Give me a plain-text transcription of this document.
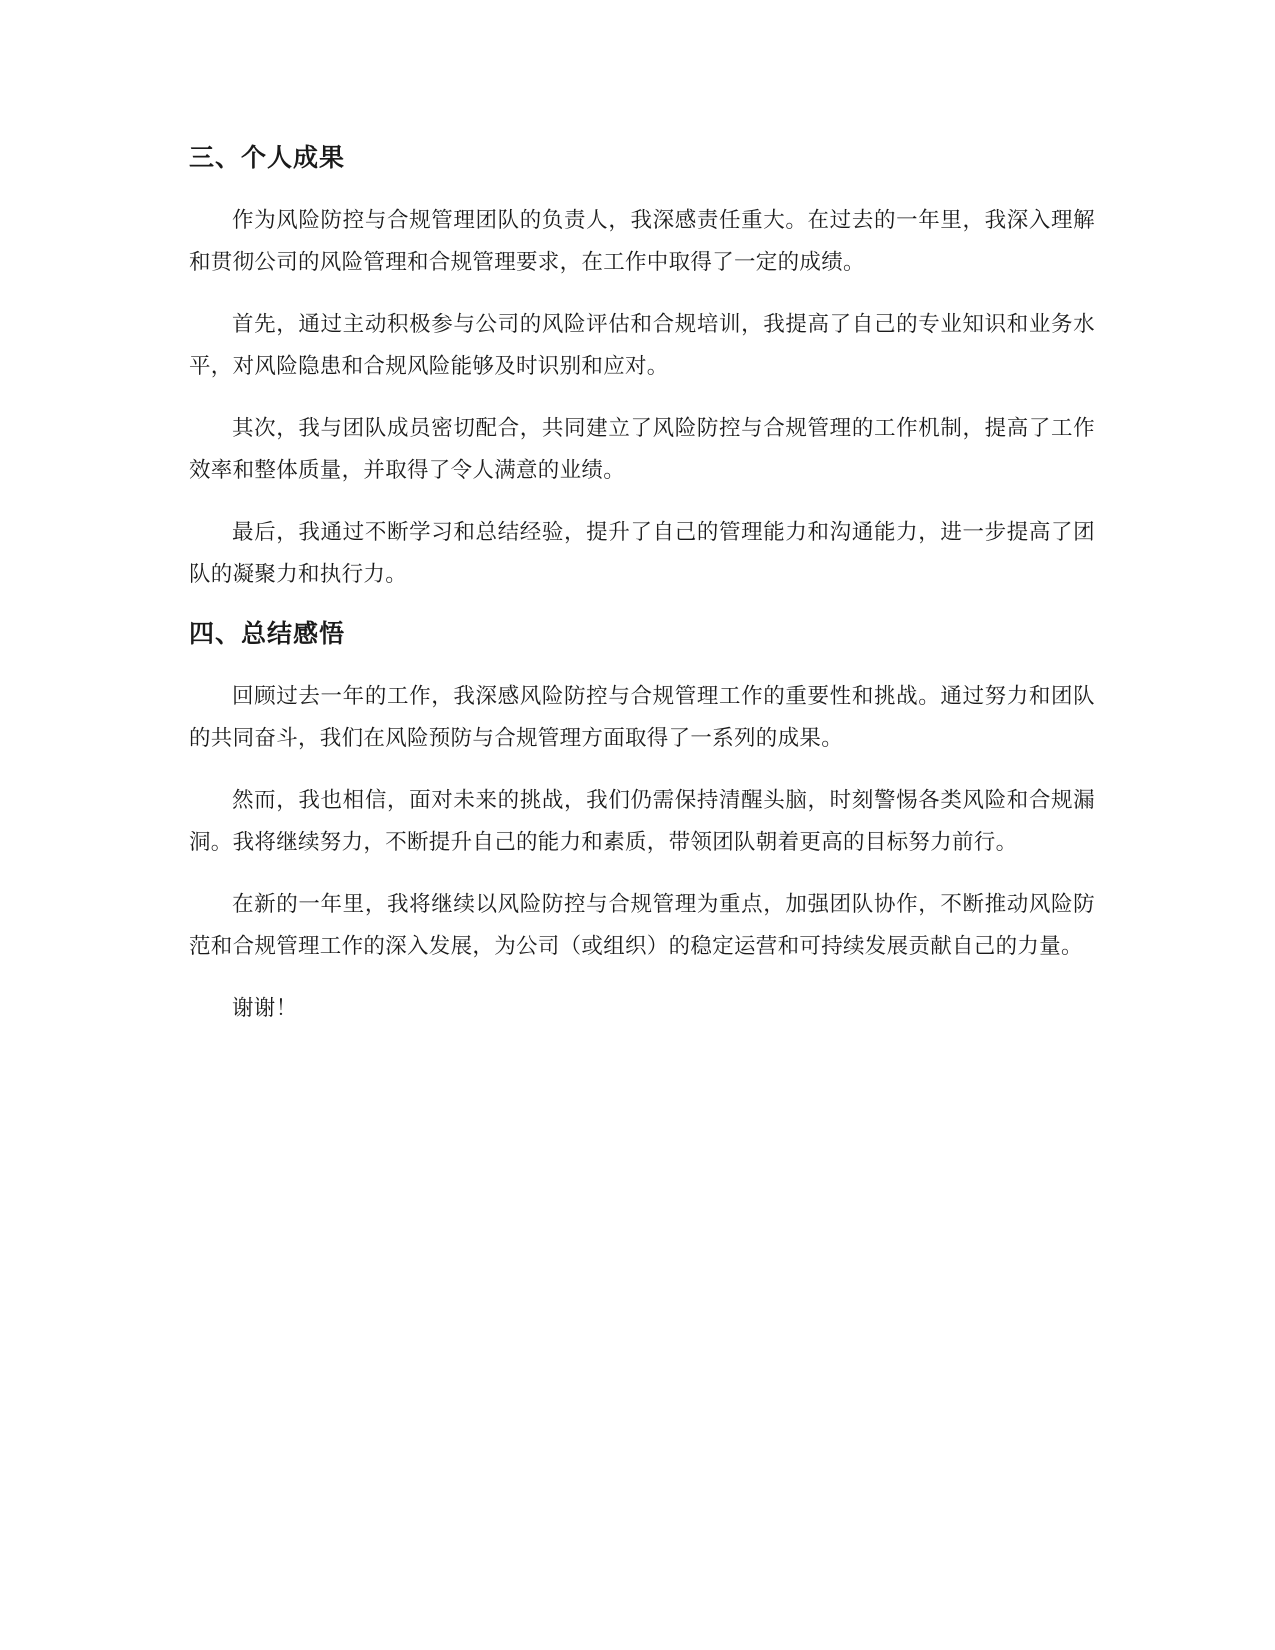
三、个人成果

作为风险防控与合规管理团队的负责人，我深感责任重大。在过去的一年里，我深入理解和贯彻公司的风险管理和合规管理要求，在工作中取得了一定的成绩。

首先，通过主动积极参与公司的风险评估和合规培训，我提高了自己的专业知识和业务水平，对风险隐患和合规风险能够及时识别和应对。

其次，我与团队成员密切配合，共同建立了风险防控与合规管理的工作机制，提高了工作效率和整体质量，并取得了令人满意的业绩。

最后，我通过不断学习和总结经验，提升了自己的管理能力和沟通能力，进一步提高了团队的凝聚力和执行力。

四、总结感悟

回顾过去一年的工作，我深感风险防控与合规管理工作的重要性和挑战。通过努力和团队的共同奋斗，我们在风险预防与合规管理方面取得了一系列的成果。

然而，我也相信，面对未来的挑战，我们仍需保持清醒头脑，时刻警惕各类风险和合规漏洞。我将继续努力，不断提升自己的能力和素质，带领团队朝着更高的目标努力前行。

在新的一年里，我将继续以风险防控与合规管理为重点，加强团队协作，不断推动风险防范和合规管理工作的深入发展，为公司（或组织）的稳定运营和可持续发展贡献自己的力量。

谢谢！
